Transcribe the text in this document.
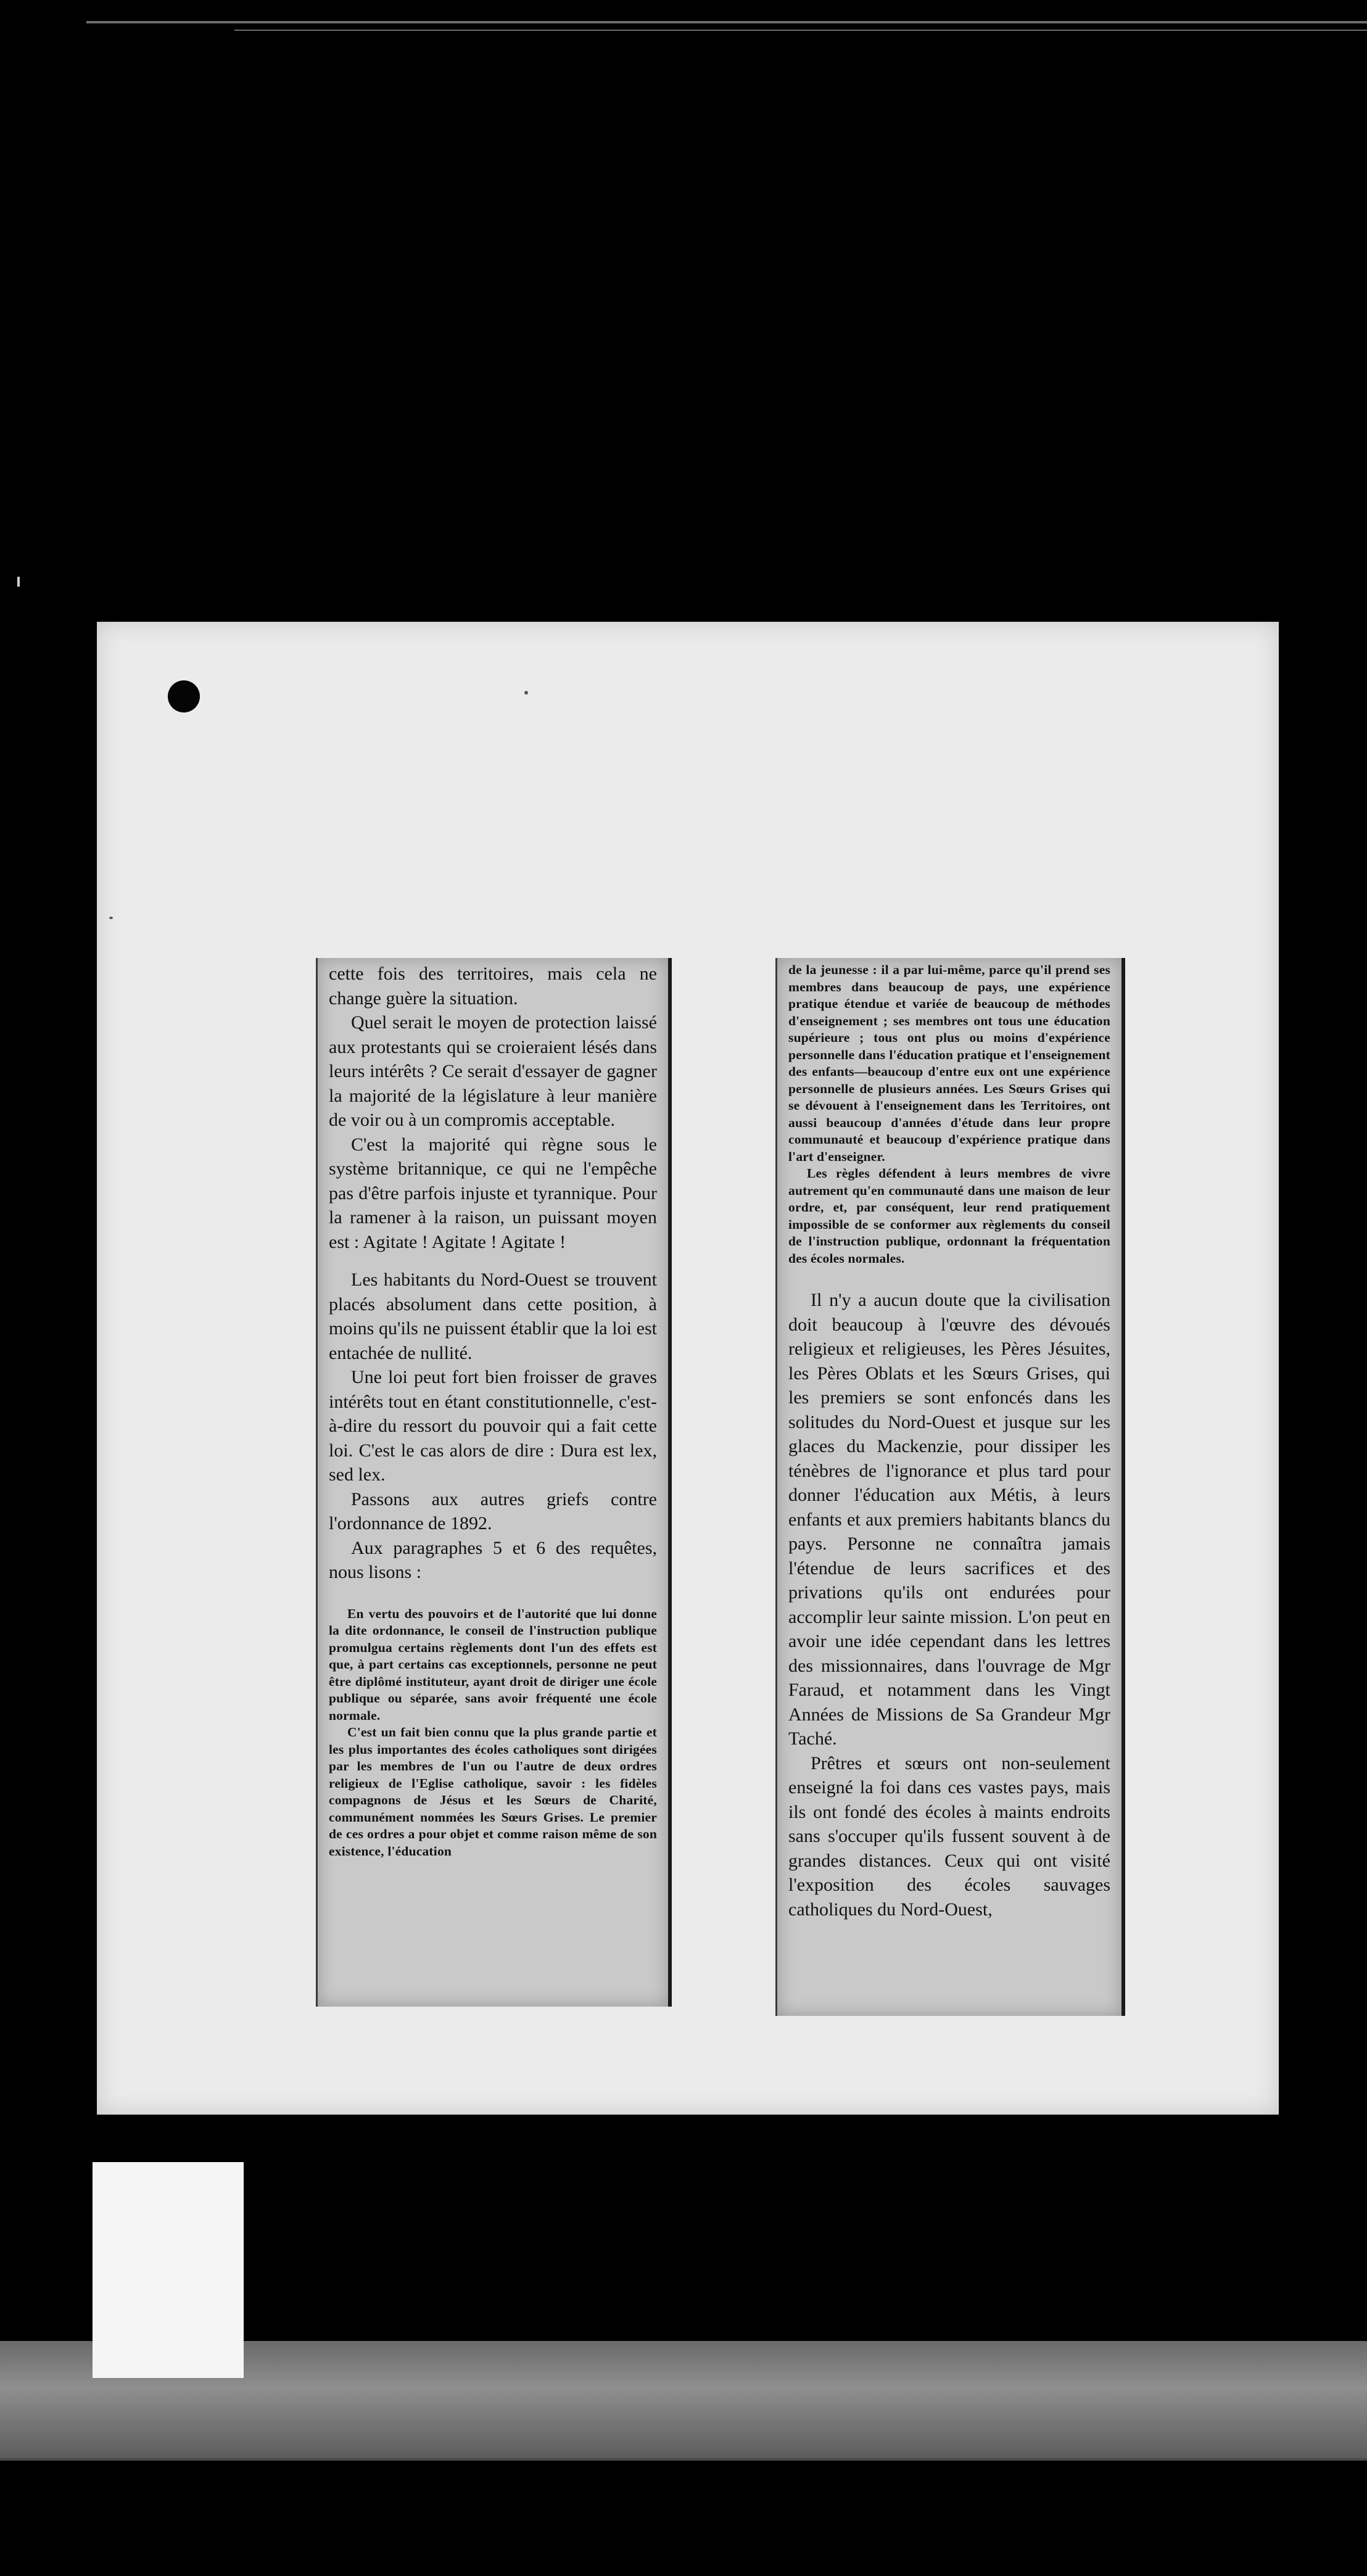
cette fois des territoires, mais cela ne change guère la situation.

Quel serait le moyen de protection laissé aux protestants qui se croieraient lésés dans leurs intérêts ? Ce serait d'essayer de gagner la majorité de la législature à leur manière de voir ou à un compromis acceptable.

C'est la majorité qui règne sous le système britannique, ce qui ne l'empêche pas d'être parfois injuste et tyrannique. Pour la ramener à la raison, un puissant moyen est : Agitate ! Agitate ! Agitate !

Les habitants du Nord-Ouest se trouvent placés absolument dans cette position, à moins qu'ils ne puissent établir que la loi est entachée de nullité.

Une loi peut fort bien froisser de graves intérêts tout en étant constitutionnelle, c'est-à-dire du ressort du pouvoir qui a fait cette loi. C'est le cas alors de dire : Dura est lex, sed lex.

Passons aux autres griefs contre l'ordonnance de 1892.

Aux paragraphes 5 et 6 des requêtes, nous lisons :

En vertu des pouvoirs et de l'autorité que lui donne la dite ordonnance, le conseil de l'instruction publique promulgua certains règlements dont l'un des effets est que, à part certains cas exceptionnels, personne ne peut être diplômé instituteur, ayant droit de diriger une école publique ou séparée, sans avoir fréquenté une école normale.

C'est un fait bien connu que la plus grande partie et les plus importantes des écoles catholiques sont dirigées par les membres de l'un ou l'autre de deux ordres religieux de l'Eglise catholique, savoir : les fidèles compagnons de Jésus et les Sœurs de Charité, communément nommées les Sœurs Grises. Le premier de ces ordres a pour objet et comme raison même de son existence, l'éducation

de la jeunesse : il a par lui-même, parce qu'il prend ses membres dans beaucoup de pays, une expérience pratique étendue et variée de beaucoup de méthodes d'enseignement ; ses membres ont tous une éducation supérieure ; tous ont plus ou moins d'expérience personnelle dans l'éducation pratique et l'enseignement des enfants—beaucoup d'entre eux ont une expérience personnelle de plusieurs années. Les Sœurs Grises qui se dévouent à l'enseignement dans les Territoires, ont aussi beaucoup d'années d'étude dans leur propre communauté et beaucoup d'expérience pratique dans l'art d'enseigner.

Les règles défendent à leurs membres de vivre autrement qu'en communauté dans une maison de leur ordre, et, par conséquent, leur rend pratiquement impossible de se conformer aux règlements du conseil de l'instruction publique, ordonnant la fréquentation des écoles normales.

Il n'y a aucun doute que la civilisation doit beaucoup à l'œuvre des dévoués religieux et religieuses, les Pères Jésuites, les Pères Oblats et les Sœurs Grises, qui les premiers se sont enfoncés dans les solitudes du Nord-Ouest et jusque sur les glaces du Mackenzie, pour dissiper les ténèbres de l'ignorance et plus tard pour donner l'éducation aux Métis, à leurs enfants et aux premiers habitants blancs du pays. Personne ne connaîtra jamais l'étendue de leurs sacrifices et des privations qu'ils ont endurées pour accomplir leur sainte mission. L'on peut en avoir une idée cependant dans les lettres des missionnaires, dans l'ouvrage de Mgr Faraud, et notamment dans les Vingt Années de Missions de Sa Grandeur Mgr Taché.

Prêtres et sœurs ont non-seulement enseigné la foi dans ces vastes pays, mais ils ont fondé des écoles à maints endroits sans s'occuper qu'ils fussent souvent à de grandes distances. Ceux qui ont visité l'exposition des écoles sauvages catholiques du Nord-Ouest,
